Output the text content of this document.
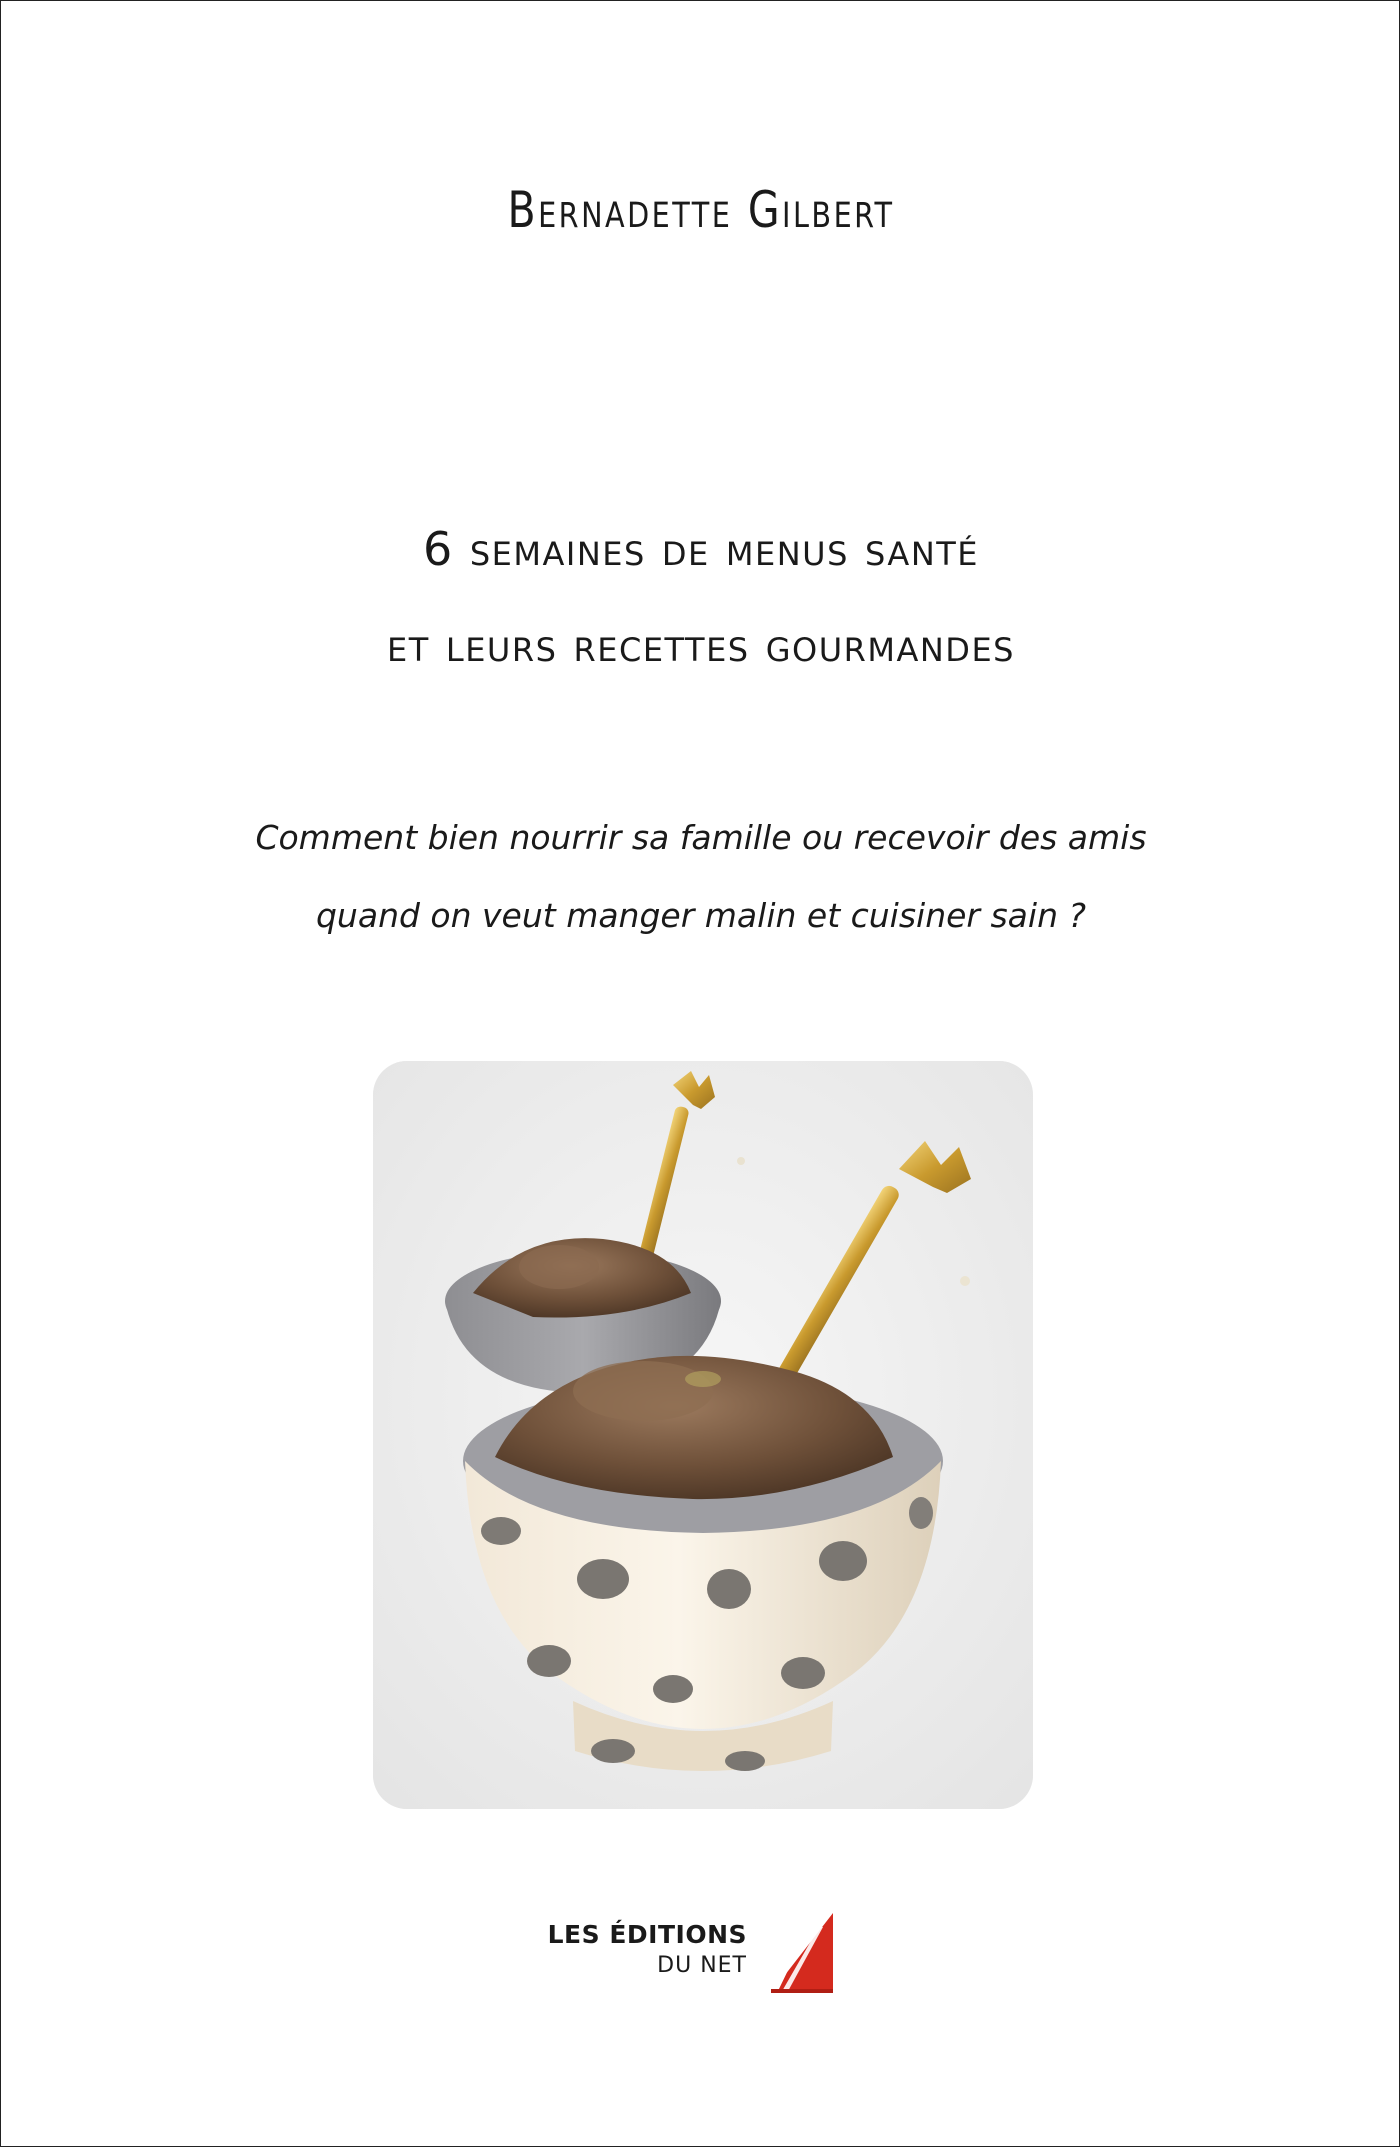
Bernadette Gilbert
6 semaines de menus santé
et leurs recettes gourmandes
Comment bien nourrir sa famille ou recevoir des amis
quand on veut manger malin et cuisiner sain ?
LES ÉDITIONS
DU NET
